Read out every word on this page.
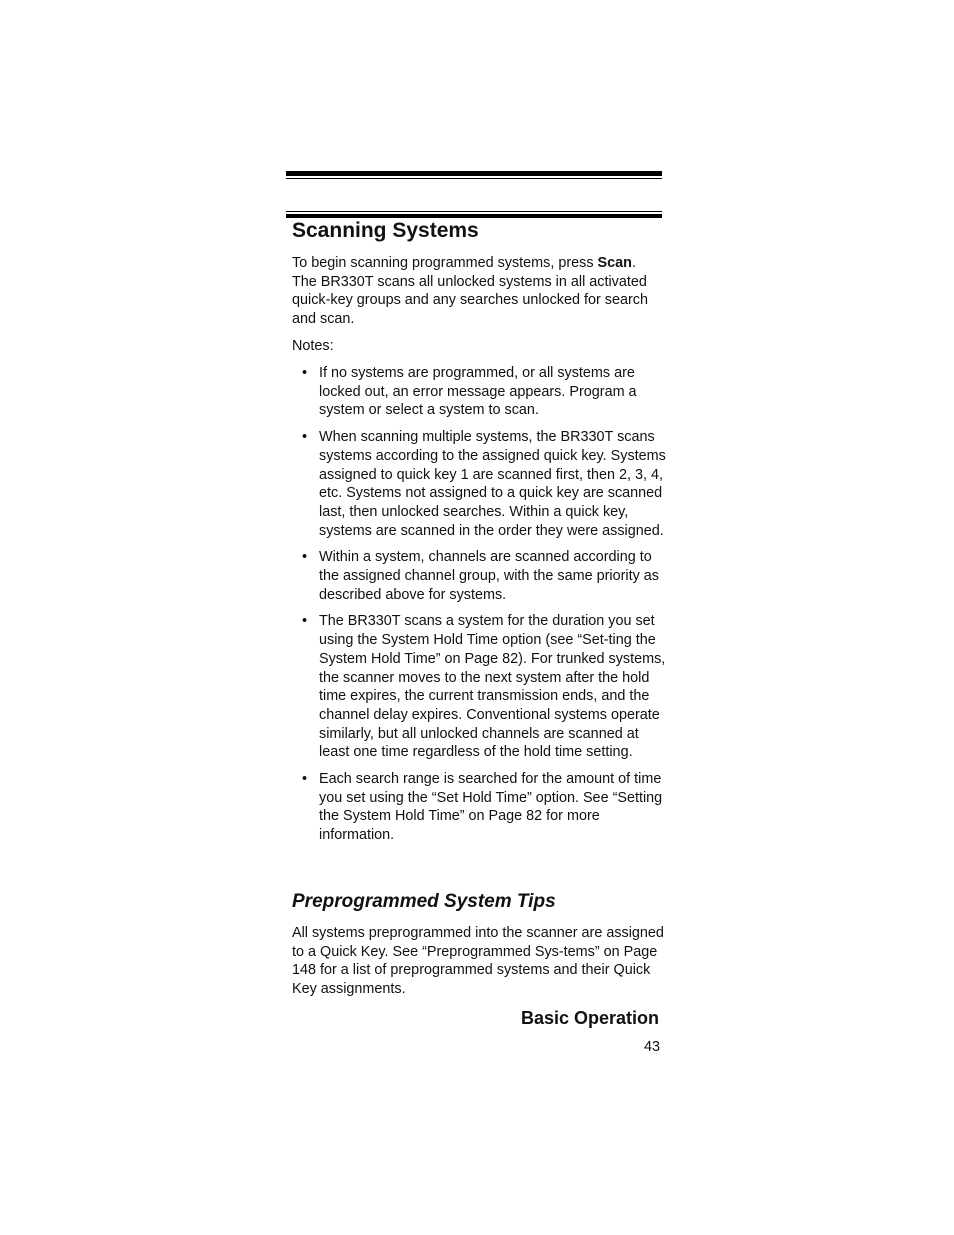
Scanning Systems

To begin scanning programmed systems, press Scan. The BR330T scans all unlocked systems in all activated quick-key groups and any searches unlocked for search and scan.

Notes:
• If no systems are programmed, or all systems are locked out, an error message appears. Program a system or select a system to scan.
• When scanning multiple systems, the BR330T scans systems according to the assigned quick key. Systems assigned to quick key 1 are scanned first, then 2, 3, 4, etc. Systems not assigned to a quick key are scanned last, then unlocked searches. Within a quick key, systems are scanned in the order they were assigned.
• Within a system, channels are scanned according to the assigned channel group, with the same priority as described above for systems.
• The BR330T scans a system for the duration you set using the System Hold Time option (see “Set-ting the System Hold Time” on Page 82). For trunked systems, the scanner moves to the next system after the hold time expires, the current transmission ends, and the channel delay expires. Conventional systems operate similarly, but all unlocked channels are scanned at least one time regardless of the hold time setting.
• Each search range is searched for the amount of time you set using the “Set Hold Time” option. See “Setting the System Hold Time” on Page 82 for more information.
Preprogrammed System Tips

All systems preprogrammed into the scanner are assigned to a Quick Key. See “Preprogrammed Sys-tems” on Page 148 for a list of preprogrammed systems and their Quick Key assignments.

Basic Operation
43
